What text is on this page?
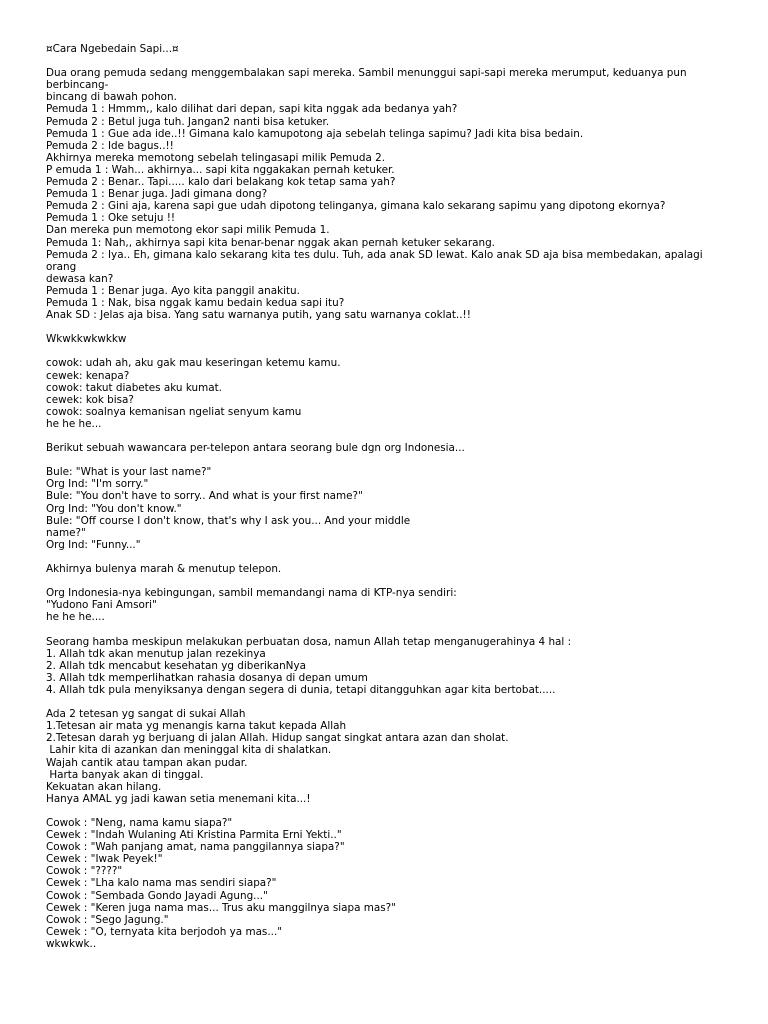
¤Cara Ngebedain Sapi...¤
Dua orang pemuda sedang menggembalakan sapi mereka. Sambil menunggui sapi-sapi mereka merumput, keduanya pun berbincang-
bincang di bawah pohon.
Pemuda 1 : Hmmm,, kalo dilihat dari depan, sapi kita nggak ada bedanya yah?
Pemuda 2 : Betul juga tuh. Jangan2 nanti bisa ketuker.
Pemuda 1 : Gue ada ide..!! Gimana kalo kamupotong aja sebelah telinga sapimu? Jadi kita bisa bedain.
Pemuda 2 : Ide bagus..!!
Akhirnya mereka memotong sebelah telingasapi milik Pemuda 2.
P emuda 1 : Wah... akhirnya... sapi kita nggakakan pernah ketuker.
Pemuda 2 : Benar.. Tapi..... kalo dari belakang kok tetap sama yah?
Pemuda 1 : Benar juga. Jadi gimana dong?
Pemuda 2 : Gini aja, karena sapi gue udah dipotong telinganya, gimana kalo sekarang sapimu yang dipotong ekornya?
Pemuda 1 : Oke setuju !!
Dan mereka pun memotong ekor sapi milik Pemuda 1.
Pemuda 1: Nah,, akhirnya sapi kita benar-benar nggak akan pernah ketuker sekarang.
Pemuda 2 : Iya.. Eh, gimana kalo sekarang kita tes dulu. Tuh, ada anak SD lewat. Kalo anak SD aja bisa membedakan, apalagi orang
dewasa kan?
Pemuda 1 : Benar juga. Ayo kita panggil anakitu.
Pemuda 1 : Nak, bisa nggak kamu bedain kedua sapi itu?
Anak SD : Jelas aja bisa. Yang satu warnanya putih, yang satu warnanya coklat..!!
Wkwkkwkwkkw
cowok: udah ah, aku gak mau keseringan ketemu kamu.
cewek: kenapa?
cowok: takut diabetes aku kumat.
cewek: kok bisa?
cowok: soalnya kemanisan ngeliat senyum kamu
he he he...
Berikut sebuah wawancara per-telepon antara seorang bule dgn org Indonesia...
Bule: "What is your last name?"
Org Ind: "I'm sorry."
Bule: "You don't have to sorry.. And what is your first name?"
Org Ind: "You don't know."
Bule: "Off course I don't know, that's why I ask you... And your middle
name?"
Org Ind: "Funny..."
Akhirnya bulenya marah & menutup telepon.
Org Indonesia-nya kebingungan, sambil memandangi nama di KTP-nya sendiri:
"Yudono Fani Amsori"
he he he....
Seorang hamba meskipun melakukan perbuatan dosa, namun Allah tetap menganugerahinya 4 hal :
1. Allah tdk akan menutup jalan rezekinya
2. Allah tdk mencabut kesehatan yg diberikanNya
3. Allah tdk memperlihatkan rahasia dosanya di depan umum
4. Allah tdk pula menyiksanya dengan segera di dunia, tetapi ditangguhkan agar kita bertobat.....
Ada 2 tetesan yg sangat di sukai Allah
1.Tetesan air mata yg menangis karna takut kepada Allah
2.Tetesan darah yg berjuang di jalan Allah. Hidup sangat singkat antara azan dan sholat.
Lahir kita di azankan dan meninggal kita di shalatkan.
Wajah cantik atau tampan akan pudar.
Harta banyak akan di tinggal.
Kekuatan akan hilang.
Hanya AMAL yg jadi kawan setia menemani kita...!
Cowok : "Neng, nama kamu siapa?"
Cewek : "Indah Wulaning Ati Kristina Parmita Erni Yekti.."
Cowok : "Wah panjang amat, nama panggilannya siapa?"
Cewek : "Iwak Peyek!"
Cowok : "????"
Cewek : "Lha kalo nama mas sendiri siapa?"
Cowok : "Sembada Gondo Jayadi Agung..."
Cewek : "Keren juga nama mas... Trus aku manggilnya siapa mas?"
Cowok : "Sego Jagung."
Cewek : "O, ternyata kita berjodoh ya mas..."
wkwkwk..
